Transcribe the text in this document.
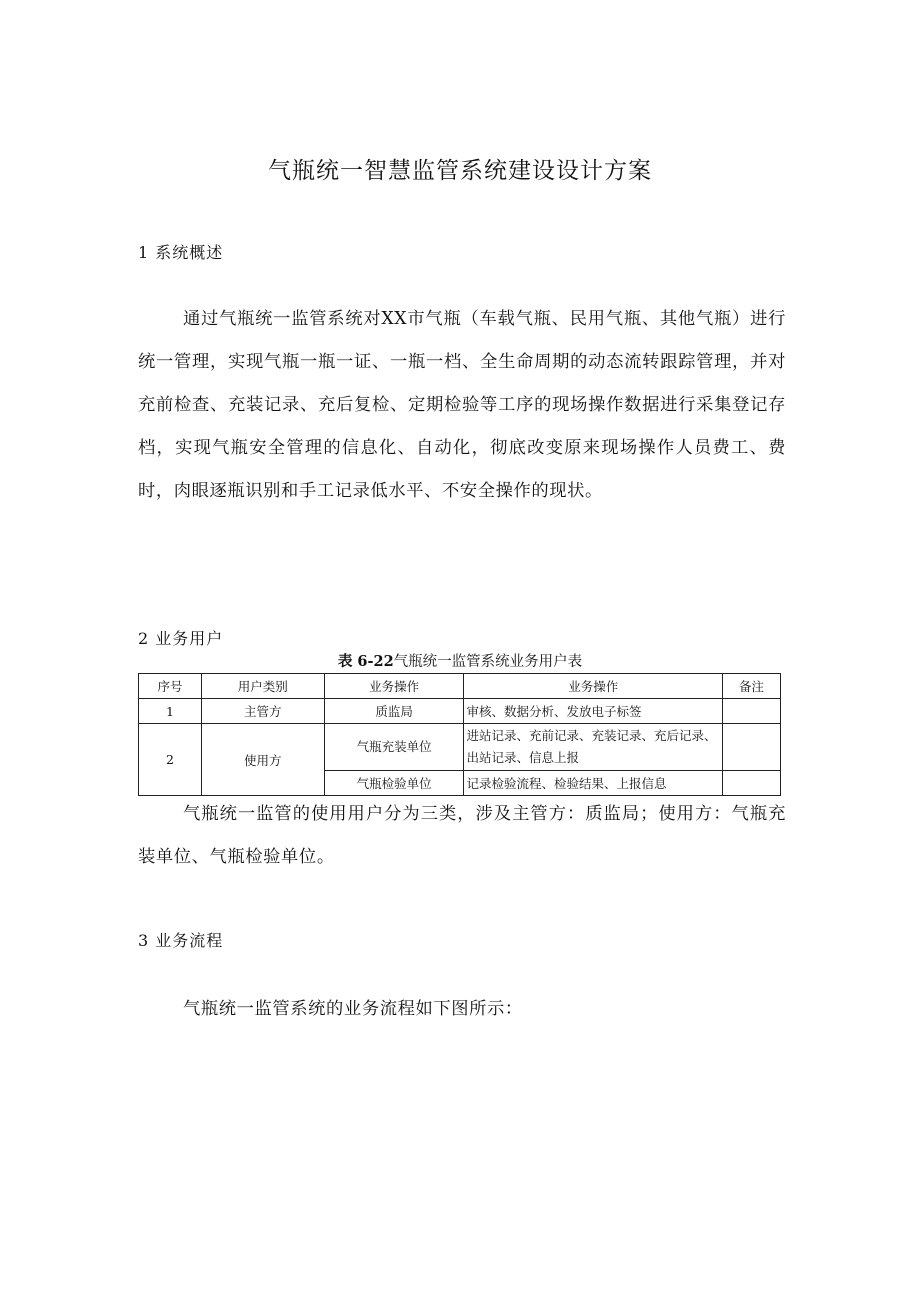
气瓶统一智慧监管系统建设设计方案
1 系统概述
通过气瓶统一监管系统对XX市气瓶（车载气瓶、民用气瓶、其他气瓶）进行统一管理，实现气瓶一瓶一证、一瓶一档、全生命周期的动态流转跟踪管理，并对充前检查、充装记录、充后复检、定期检验等工序的现场操作数据进行采集登记存档，实现气瓶安全管理的信息化、自动化，彻底改变原来现场操作人员费工、费时，肉眼逐瓶识别和手工记录低水平、不安全操作的现状。
2 业务用户
表 6-22气瓶统一监管系统业务用户表
序号	用户类别	业务操作	业务操作	备注
1	主管方	质监局	审核、数据分析、发放电子标签	
2	使用方	气瓶充装单位	进站记录、充前记录、充装记录、充后记录、出站记录、信息上报	
		气瓶检验单位	记录检验流程、检验结果、上报信息	
气瓶统一监管的使用用户分为三类，涉及主管方：质监局；使用方：气瓶充装单位、气瓶检验单位。
3 业务流程
气瓶统一监管系统的业务流程如下图所示：
